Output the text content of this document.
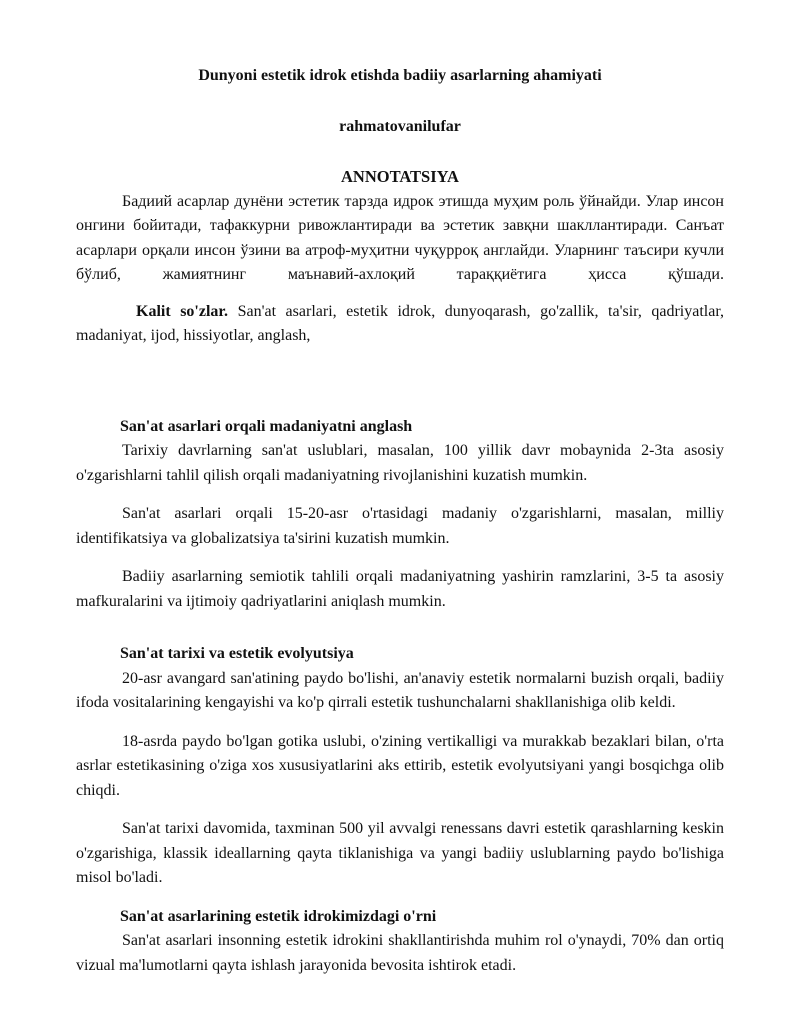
Dunyoni estetik idrok etishda badiiy asarlarning ahamiyati

rahmatovanilufar

ANNOTATSIYA

Бадиий асарлар дунёни эстетик тарзда идрок этишда муҳим роль ўйнайди. Улар инсон онгини бойитади, тафаккурни ривожлантиради ва эстетик завқни шакллантиради. Санъат асарлари орқали инсон ўзини ва атроф-муҳитни чуқурроқ англайди. Уларнинг таъсири кучли бўлиб, жамиятнинг маънавий-ахлоқий тараққиётига ҳисса қўшади.

Kalit so'zlar. San'at asarlari, estetik idrok, dunyoqarash, go'zallik, ta'sir, qadriyatlar, madaniyat, ijod, hissiyotlar, anglash,

San'at asarlari orqali madaniyatni anglash

Tarixiy davrlarning san'at uslublari, masalan, 100 yillik davr mobaynida 2-3ta asosiy o'zgarishlarni tahlil qilish orqali madaniyatning rivojlanishini kuzatish mumkin.

San'at asarlari orqali 15-20-asr o'rtasidagi madaniy o'zgarishlarni, masalan, milliy identifikatsiya va globalizatsiya ta'sirini kuzatish mumkin.

Badiiy asarlarning semiotik tahlili orqali madaniyatning yashirin ramzlarini, 3-5 ta asosiy mafkuralarini va ijtimoiy qadriyatlarini aniqlash mumkin.

San'at tarixi va estetik evolyutsiya

20-asr avangard san'atining paydo bo'lishi, an'anaviy estetik normalarni buzish orqali, badiiy ifoda vositalarining kengayishi va ko'p qirrali estetik tushunchalarni shakllanishiga olib keldi.

18-asrda paydo bo'lgan gotika uslubi, o'zining vertikalligi va murakkab bezaklari bilan, o'rta asrlar estetikasining o'ziga xos xususiyatlarini aks ettirib, estetik evolyutsiyani yangi bosqichga olib chiqdi.

San'at tarixi davomida, taxminan 500 yil avvalgi renessans davri estetik qarashlarning keskin o'zgarishiga, klassik ideallarning qayta tiklanishiga va yangi badiiy uslublarning paydo bo'lishiga misol bo'ladi.

San'at asarlarining estetik idrokimizdagi o'rni

San'at asarlari insonning estetik idrokini shakllantirishda muhim rol o'ynaydi, 70% dan ortiq vizual ma'lumotlarni qayta ishlash jarayonida bevosita ishtirok etadi.
